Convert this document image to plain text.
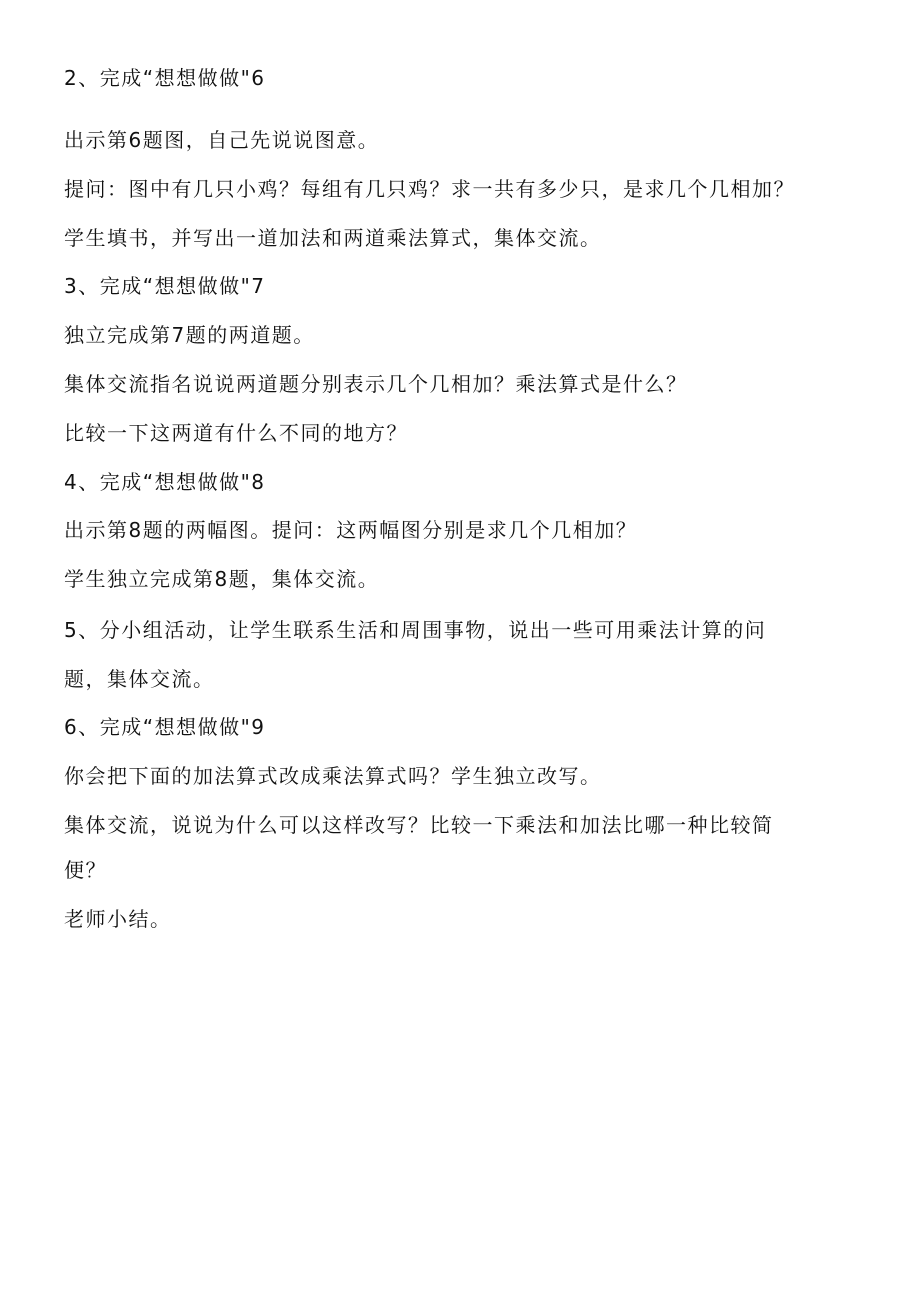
2、完成“想想做做"6
出示第6题图，自己先说说图意。
提问：图中有几只小鸡？每组有几只鸡？求一共有多少只，是求几个几相加？
学生填书，并写出一道加法和两道乘法算式，集体交流。
3、完成“想想做做"7
独立完成第7题的两道题。
集体交流指名说说两道题分别表示几个几相加？乘法算式是什么？
比较一下这两道有什么不同的地方？
4、完成“想想做做"8
出示第8题的两幅图。提问：这两幅图分别是求几个几相加？
学生独立完成第8题，集体交流。
5、分小组活动，让学生联系生活和周围事物，说出一些可用乘法计算的问
题，集体交流。
6、完成“想想做做"9
你会把下面的加法算式改成乘法算式吗？学生独立改写。
集体交流，说说为什么可以这样改写？比较一下乘法和加法比哪一种比较简
便？
老师小结。
